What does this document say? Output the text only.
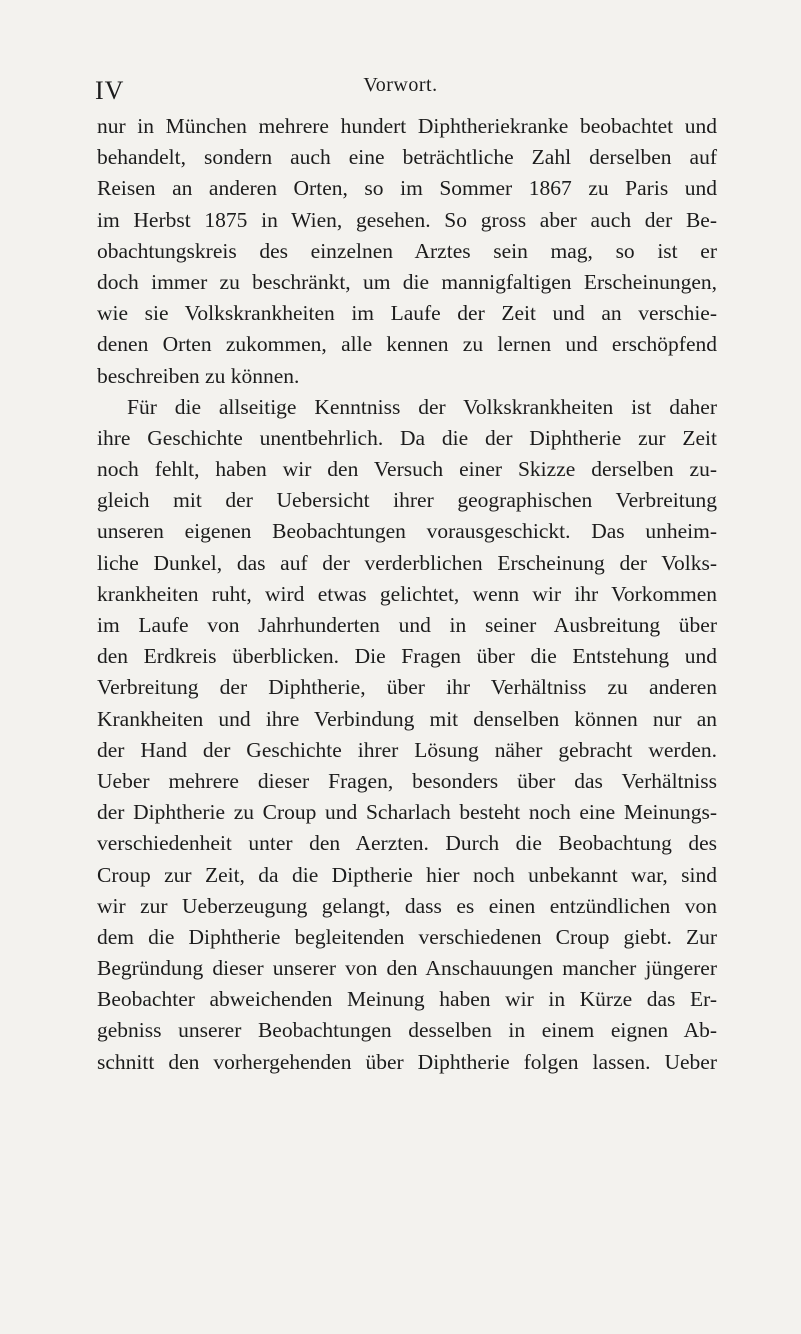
IV	Vorwort.
nur in München mehrere hundert Diphtheriekranke beobachtet und
behandelt, sondern auch eine beträchtliche Zahl derselben auf
Reisen an anderen Orten, so im Sommer 1867 zu Paris und
im Herbst 1875 in Wien, gesehen. So gross aber auch der Be-
obachtungskreis des einzelnen Arztes sein mag, so ist er
doch immer zu beschränkt, um die mannigfaltigen Erscheinungen,
wie sie Volkskrankheiten im Laufe der Zeit und an verschie-
denen Orten zukommen, alle kennen zu lernen und erschöpfend
beschreiben zu können.
Für die allseitige Kenntniss der Volkskrankheiten ist daher
ihre Geschichte unentbehrlich. Da die der Diphtherie zur Zeit
noch fehlt, haben wir den Versuch einer Skizze derselben zu-
gleich mit der Uebersicht ihrer geographischen Verbreitung
unseren eigenen Beobachtungen vorausgeschickt. Das unheim-
liche Dunkel, das auf der verderblichen Erscheinung der Volks-
krankheiten ruht, wird etwas gelichtet, wenn wir ihr Vorkommen
im Laufe von Jahrhunderten und in seiner Ausbreitung über
den Erdkreis überblicken. Die Fragen über die Entstehung und
Verbreitung der Diphtherie, über ihr Verhältniss zu anderen
Krankheiten und ihre Verbindung mit denselben können nur an
der Hand der Geschichte ihrer Lösung näher gebracht werden.
Ueber mehrere dieser Fragen, besonders über das Verhältniss
der Diphtherie zu Croup und Scharlach besteht noch eine Meinungs-
verschiedenheit unter den Aerzten. Durch die Beobachtung des
Croup zur Zeit, da die Diptherie hier noch unbekannt war, sind
wir zur Ueberzeugung gelangt, dass es einen entzündlichen von
dem die Diphtherie begleitenden verschiedenen Croup giebt. Zur
Begründung dieser unserer von den Anschauungen mancher jüngerer
Beobachter abweichenden Meinung haben wir in Kürze das Er-
gebniss unserer Beobachtungen desselben in einem eignen Ab-
schnitt den vorhergehenden über Diphtherie folgen lassen. Ueber
